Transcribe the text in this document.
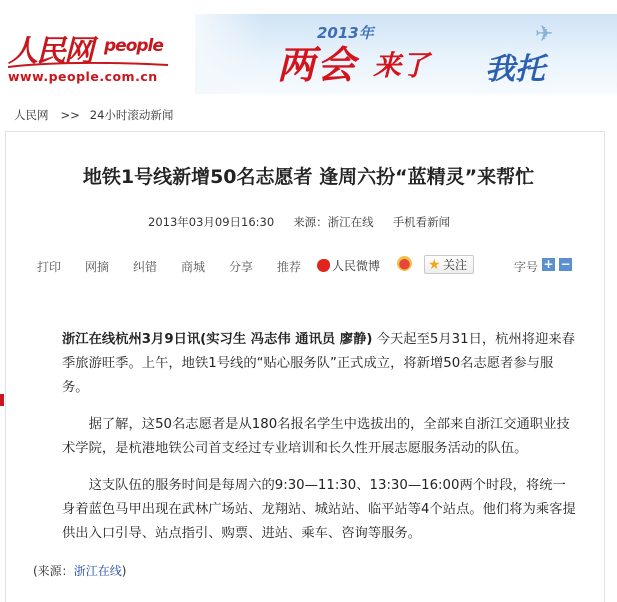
人民网 people
www.people.com.cn
2013年
两会 来了
✈
我托
人民网 >> 24小时滚动新闻
地铁1号线新增50名志愿者 逢周六扮“蓝精灵”来帮忙
2013年03月09日16:30 来源：浙江在线 手机看新闻
打印 网摘 纠错 商城 分享 推荐	人民微博	★ 关注	字号 + −

浙江在线杭州3月9日讯(实习生 冯志伟 通讯员 廖静) 今天起至5月31日，杭州将迎来春季旅游旺季。上午，地铁1号线的“贴心服务队”正式成立，将新增50名志愿者参与服务。

　　据了解，这50名志愿者是从180名报名学生中选拔出的，全部来自浙江交通职业技术学院，是杭港地铁公司首支经过专业培训和长久性开展志愿服务活动的队伍。

　　这支队伍的服务时间是每周六的9:30—11:30、13:30—16:00两个时段，将统一身着蓝色马甲出现在武林广场站、龙翔站、城站站、临平站等4个站点。他们将为乘客提供出入口引导、站点指引、购票、进站、乘车、咨询等服务。

(来源：浙江在线)
